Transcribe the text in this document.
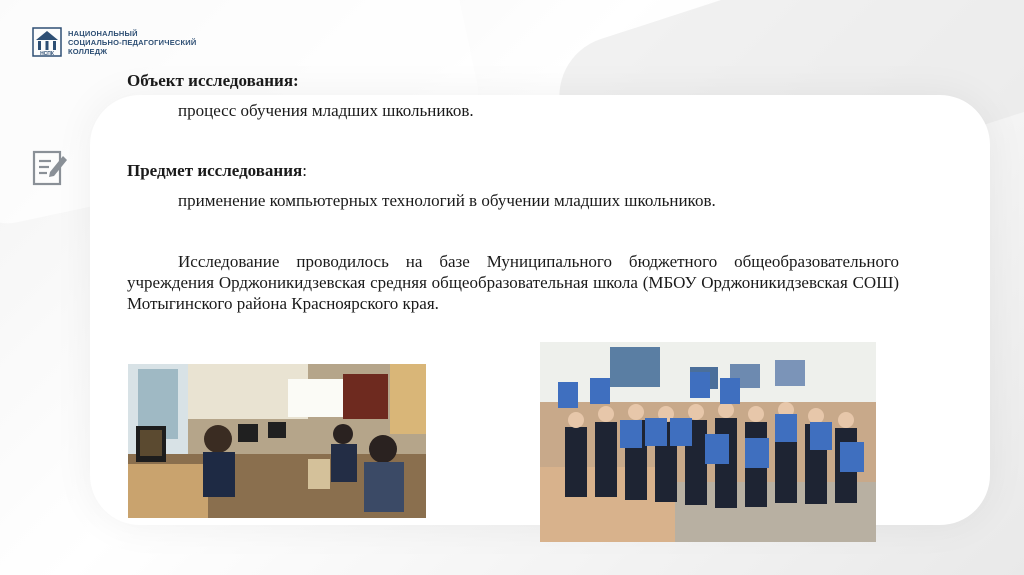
НСПК
НАЦИОНАЛЬНЫЙ
СОЦИАЛЬНО-ПЕДАГОГИЧЕСКИЙ
КОЛЛЕДЖ
Объект исследования:
процесс обучения младших школьников.
Предмет исследования:
применение компьютерных технологий в обучении младших школьников.
Исследование проводилось на базе Муниципального бюджетного общеобразовательного учреждения Орджоникидзевская средняя общеобразовательная школа (МБОУ Орджоникидзевская СОШ) Мотыгинского района Красноярского края.
